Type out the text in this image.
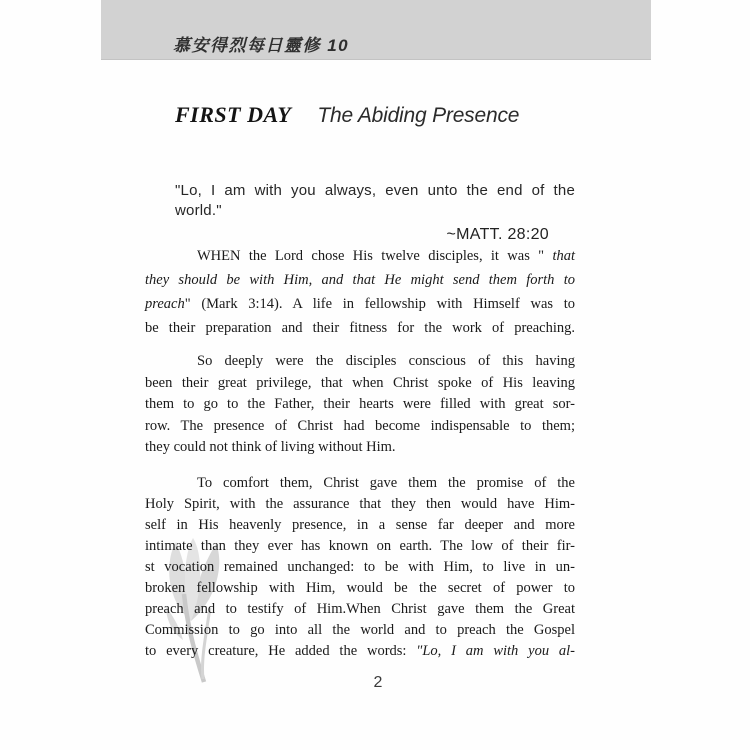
慕安得烈每日靈修 10
FIRST DAY The Abiding Presence
"Lo, I am with you always, even unto the end of the world."
~MATT. 28:20
WHEN the Lord chose His twelve disciples, it was " that
they should be with Him, and that He might send them forth to
preach" (Mark 3:14). A life in fellowship with Himself was to
be their preparation and their fitness for the work of preaching.
So deeply were the disciples conscious of this having
been their great privilege, that when Christ spoke of His leaving
them to go to the Father, their hearts were filled with great sor-
row. The presence of Christ had become indispensable to them;
they could not think of living without Him.
To comfort them, Christ gave them the promise of the
Holy Spirit, with the assurance that they then would have Him-
self in His heavenly presence, in a sense far deeper and more
intimate than they ever has known on earth. The low of their fir-
st vocation remained unchanged: to be with Him, to live in un-
broken fellowship with Him, would be the secret of power to
preach and to testify of Him.When Christ gave them the Great
Commission to go into all the world and to preach the Gospel
to every creature, He added the words: "Lo, I am with you al-
2
